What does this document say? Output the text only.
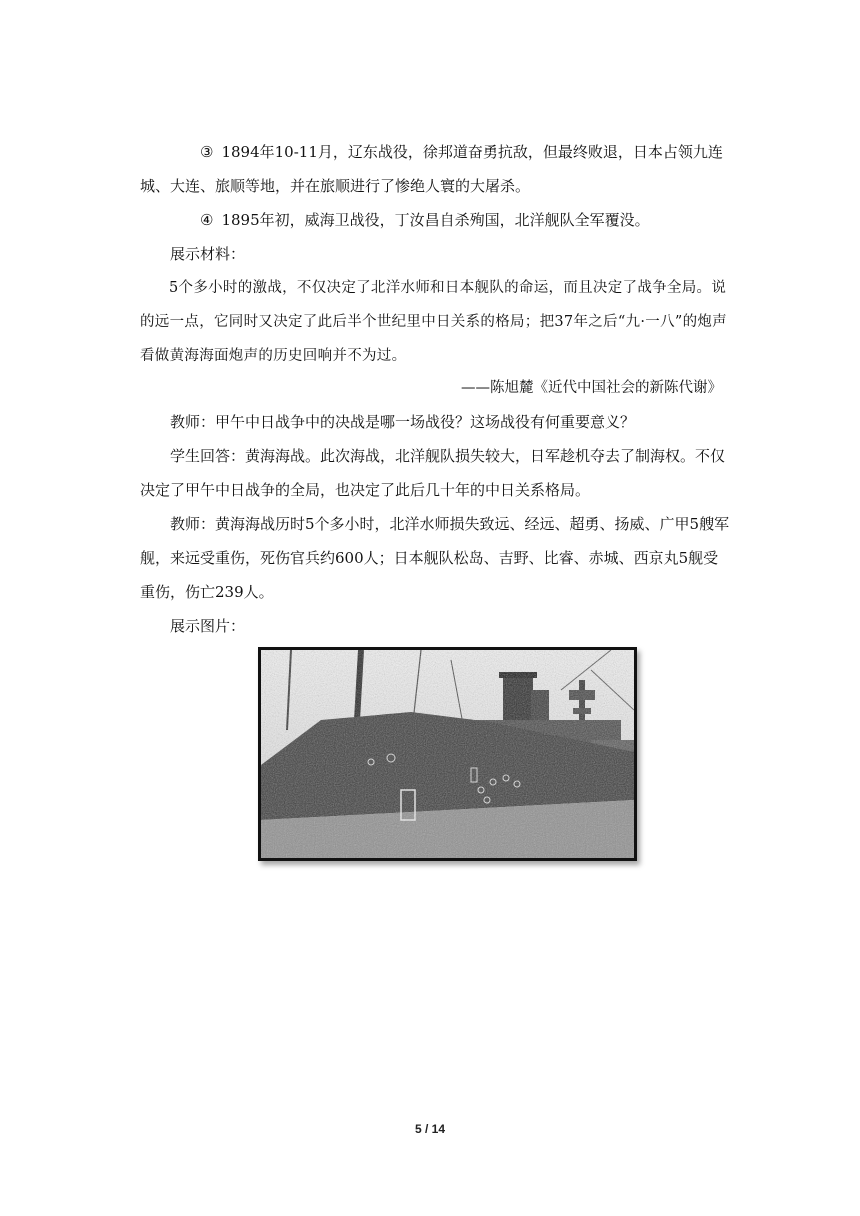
③ 1894年10-11月，辽东战役，徐邦道奋勇抗敌，但最终败退，日本占领九连城、大连、旅顺等地，并在旅顺进行了惨绝人寰的大屠杀。

④ 1895年初，威海卫战役，丁汝昌自杀殉国，北洋舰队全军覆没。

展示材料：

5个多小时的激战，不仅决定了北洋水师和日本舰队的命运，而且决定了战争全局。说的远一点，它同时又决定了此后半个世纪里中日关系的格局；把37年之后“九·一八”的炮声看做黄海海面炮声的历史回响并不为过。

——陈旭麓《近代中国社会的新陈代谢》

教师：甲午中日战争中的决战是哪一场战役？这场战役有何重要意义？

学生回答：黄海海战。此次海战，北洋舰队损失较大，日军趁机夺去了制海权。不仅决定了甲午中日战争的全局，也决定了此后几十年的中日关系格局。

教师：黄海海战历时5个多小时，北洋水师损失致远、经远、超勇、扬威、广甲5艘军舰，来远受重伤，死伤官兵约600人；日本舰队松岛、吉野、比睿、赤城、西京丸5舰受重伤，伤亡239人。

展示图片：

5 / 14
